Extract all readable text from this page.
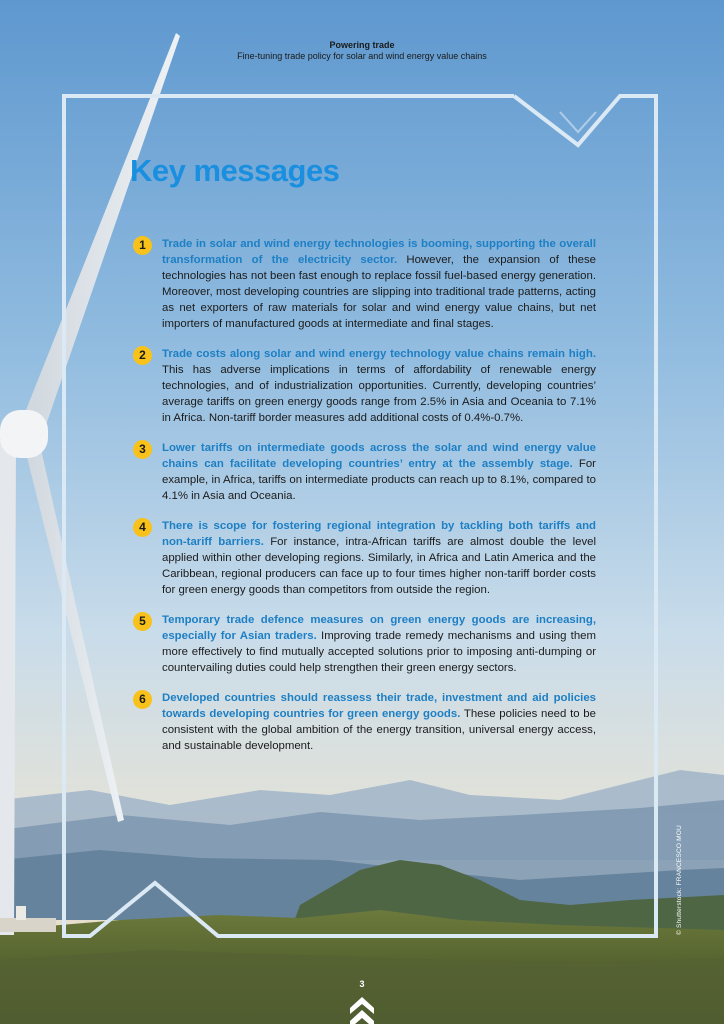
Powering trade
Fine-tuning trade policy for solar and wind energy value chains
Key messages
1	Trade in solar and wind energy technologies is booming, supporting the overall transformation of the electricity sector. However, the expansion of these technologies has not been fast enough to replace fossil fuel-based energy generation. Moreover, most developing countries are slipping into traditional trade patterns, acting as net exporters of raw materials for solar and wind energy value chains, but net importers of manufactured goods at intermediate and final stages.

2	Trade costs along solar and wind energy technology value chains remain high. This has adverse implications in terms of affordability of renewable energy technologies, and of industrialization opportunities. Currently, developing countries’ average tariffs on green energy goods range from 2.5% in Asia and Oceania to 7.1% in Africa. Non-tariff border measures add additional costs of 0.4%-0.7%.

3	Lower tariffs on intermediate goods across the solar and wind energy value chains can facilitate developing countries’ entry at the assembly stage. For example, in Africa, tariffs on intermediate products can reach up to 8.1%, compared to 4.1% in Asia and Oceania.

4	There is scope for fostering regional integration by tackling both tariffs and non-tariff barriers. For instance, intra-African tariffs are almost double the level applied within other developing regions. Similarly, in Africa and Latin America and the Caribbean, regional producers can face up to four times higher non-tariff border costs for green energy goods than competitors from outside the region.

5	Temporary trade defence measures on green energy goods are increasing, especially for Asian traders. Improving trade remedy mechanisms and using them more effectively to find mutually accepted solutions prior to imposing anti-dumping or countervailing duties could help strengthen their green energy sectors.

6	Developed countries should reassess their trade, investment and aid policies towards developing countries for green energy goods. These policies need to be consistent with the global ambition of the energy transition, universal energy access, and sustainable development.

© Shutterstock: FRANCESCO MOU
3
